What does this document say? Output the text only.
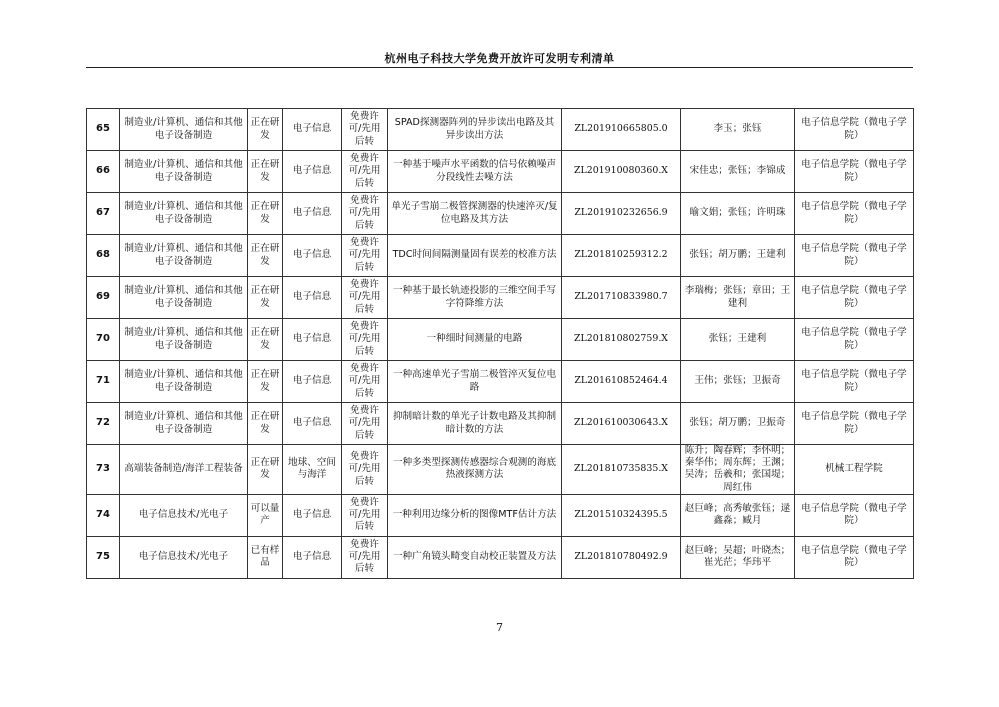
杭州电子科技大学免费开放许可发明专利清单
65	制造业/计算机、通信和其他电子设备制造	正在研发	电子信息	免费许可/先用后转	SPAD探测器阵列的异步读出电路及其异步读出方法	ZL201910665805.0	李玉；张钰	电子信息学院（微电子学院）
66	制造业/计算机、通信和其他电子设备制造	正在研发	电子信息	免费许可/先用后转	一种基于噪声水平函数的信号依赖噪声分段线性去噪方法	ZL201910080360.X	宋佳忠；张钰；李锦成	电子信息学院（微电子学院）
67	制造业/计算机、通信和其他电子设备制造	正在研发	电子信息	免费许可/先用后转	单光子雪崩二极管探测器的快速淬灭/复位电路及其方法	ZL201910232656.9	喻文娟；张钰；许明珠	电子信息学院（微电子学院）
68	制造业/计算机、通信和其他电子设备制造	正在研发	电子信息	免费许可/先用后转	TDC时间间隔测量固有误差的校准方法	ZL201810259312.2	张钰；胡万鹏；王建利	电子信息学院（微电子学院）
69	制造业/计算机、通信和其他电子设备制造	正在研发	电子信息	免费许可/先用后转	一种基于最长轨迹投影的三维空间手写字符降维方法	ZL201710833980.7	李瑞梅；张钰；章田；王建利	电子信息学院（微电子学院）
70	制造业/计算机、通信和其他电子设备制造	正在研发	电子信息	免费许可/先用后转	一种细时间测量的电路	ZL201810802759.X	张钰；王建利	电子信息学院（微电子学院）
71	制造业/计算机、通信和其他电子设备制造	正在研发	电子信息	免费许可/先用后转	一种高速单光子雪崩二极管淬灭复位电路	ZL201610852464.4	王伟；张钰；卫振奇	电子信息学院（微电子学院）
72	制造业/计算机、通信和其他电子设备制造	正在研发	电子信息	免费许可/先用后转	抑制暗计数的单光子计数电路及其抑制暗计数的方法	ZL201610030643.X	张钰；胡万鹏；卫振奇	电子信息学院（微电子学院）
73	高端装备制造/海洋工程装备	正在研发	地球、空间与海洋	免费许可/先用后转	一种多类型探测传感器综合观测的海底热液探测方法	ZL201810735835.X	陈升；陶春辉；李怀明；秦华伟；周东辉；王渊；吴涛；岳羲和；张国堤；周红伟	机械工程学院
74	电子信息技术/光电子	可以量产	电子信息	免费许可/先用后转	一种利用边缘分析的图像MTF估计方法	ZL201510324395.5	赵巨峰；高秀敏张钰；逯鑫淼；臧月	电子信息学院（微电子学院）
75	电子信息技术/光电子	已有样品	电子信息	免费许可/先用后转	一种广角镜头畸变自动校正装置及方法	ZL201810780492.9	赵巨峰；吴超；叶晓杰；崔光茫；华玮平	电子信息学院（微电子学院）
7
